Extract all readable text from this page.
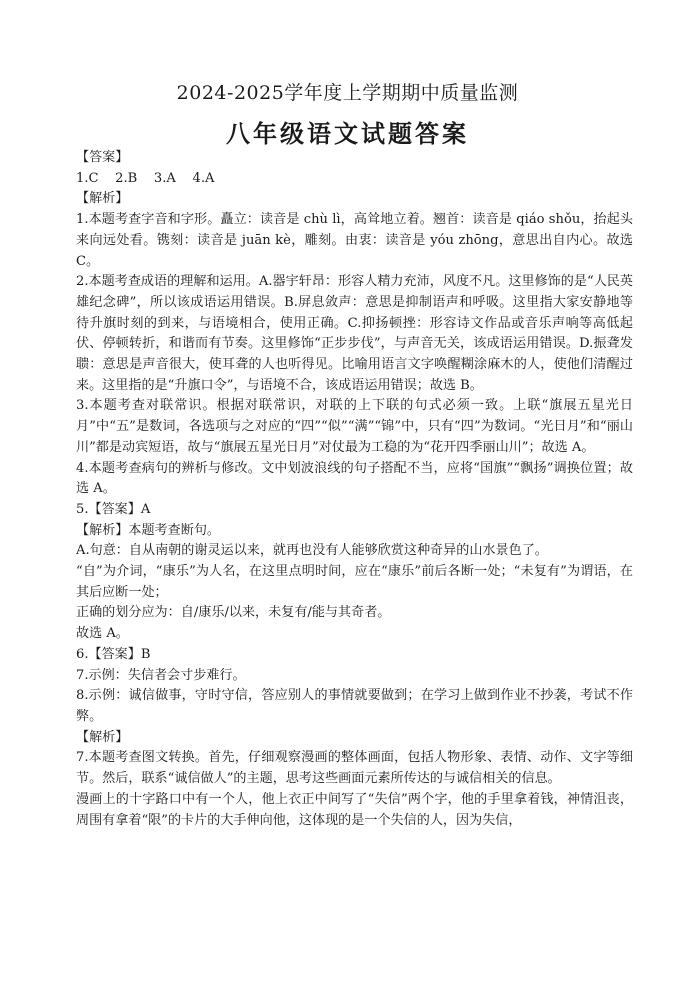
2024-2025学年度上学期期中质量监测
八年级语文试题答案

【答案】

1.C    2.B    3.A    4.A

【解析】

1.本题考查字音和字形。矗立：读音是 chù lì，高耸地立着。翘首：读音是 qiáo shǒu，抬起头来向远处看。镌刻：读音是 juān kè，雕刻。由衷：读音是 yóu zhōng，意思出自内心。故选 C。

2.本题考查成语的理解和运用。A.器宇轩昂：形容人精力充沛，风度不凡。这里修饰的是“人民英雄纪念碑”，所以该成语运用错误。B.屏息敛声：意思是抑制语声和呼吸。这里指大家安静地等待升旗时刻的到来，与语境相合，使用正确。C.抑扬顿挫：形容诗文作品或音乐声响等高低起伏、停顿转折，和谐而有节奏。这里修饰“正步步伐”，与声音无关，该成语运用错误。D.振聋发聩：意思是声音很大，使耳聋的人也听得见。比喻用语言文字唤醒糊涂麻木的人，使他们清醒过来。这里指的是“升旗口令”，与语境不合，该成语运用错误；故选 B。

3.本题考查对联常识。根据对联常识，对联的上下联的句式必须一致。上联“旗展五星光日月”中“五”是数词，各选项与之对应的“四”“似”“满”“锦”中，只有“四”为数词。“光日月”和“丽山川”都是动宾短语，故与“旗展五星光日月”对仗最为工稳的为“花开四季丽山川”；故选 A。

4.本题考查病句的辨析与修改。文中划波浪线的句子搭配不当，应将“国旗”“飘扬”调换位置；故选 A。

5.【答案】A

【解析】本题考查断句。

A.句意：自从南朝的谢灵运以来，就再也没有人能够欣赏这种奇异的山水景色了。

“自”为介词，“康乐”为人名，在这里点明时间，应在“康乐”前后各断一处；“未复有”为谓语，在其后应断一处；

正确的划分应为：自/康乐/以来，未复有/能与其奇者。

故选 A。

6.【答案】B

7.示例：失信者会寸步难行。

8.示例：诚信做事，守时守信，答应别人的事情就要做到；在学习上做到作业不抄袭，考试不作弊。

【解析】

7.本题考查图文转换。首先，仔细观察漫画的整体画面，包括人物形象、表情、动作、文字等细节。然后，联系“诚信做人”的主题，思考这些画面元素所传达的与诚信相关的信息。

漫画上的十字路口中有一个人，他上衣正中间写了“失信”两个字，他的手里拿着钱，神情沮丧，周围有拿着“限”的卡片的大手伸向他，这体现的是一个失信的人，因为失信，
